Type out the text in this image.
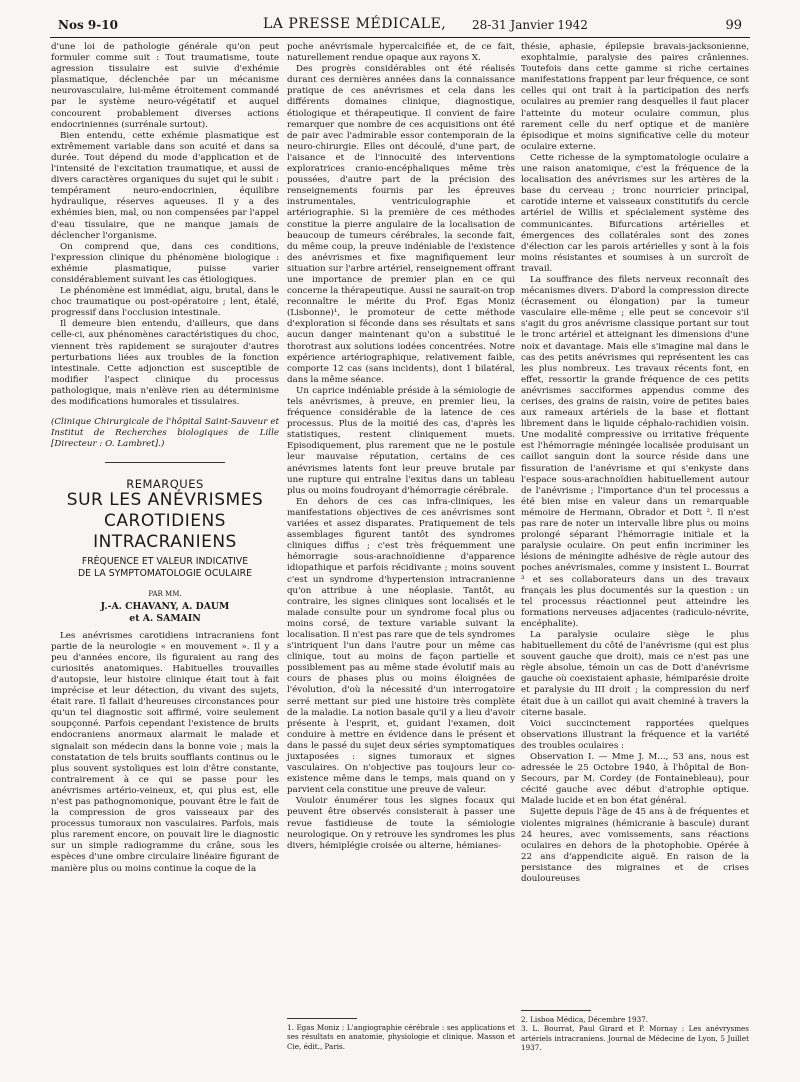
Nos 9-10	LA PRESSE MÉDICALE, 28-31 Janvier 1942	99

d'une loi de pathologie générale qu'on peut formuler comme suit : Tout traumatisme, toute agression tissulaire est suivie d'exhémie plasmatique, déclenchée par un mécanisme neurovasculaire, lui-même étroitement commandé par le système neuro-végétatif et auquel concourent probablement diverses actions endocriniennes (surrénale surtout).

Bien entendu, cette exhémie plasmatique est extrêmement variable dans son acuité et dans sa durée. Tout dépend du mode d'application et de l'intensité de l'excitation traumatique, et aussi de divers caractères organiques du sujet qui le subit : tempérament neuro-endocrinien, équilibre hydraulique, réserves aqueuses. Il y a des exhémies bien, mal, ou non compensées par l'appel d'eau tissulaire, que ne manque jamais de déclencher l'organisme.

On comprend que, dans ces conditions, l'expression clinique du phénomène biologique : exhémie plasmatique, puisse varier considérablement suivant les cas étiologiques.

Le phénomène est immédiat, aigu, brutal, dans le choc traumatique ou post-opératoire ; lent, étalé, progressif dans l'occlusion intestinale.

Il demeure bien entendu, d'ailleurs, que dans celle-ci, aux phénomènes caractéristiques du choc, viennent très rapidement se surajouter d'autres perturbations liées aux troubles de la fonction intestinale. Cette adjonction est susceptible de modifier l'aspect clinique du processus pathologique, mais n'enlève rien au déterminisme des modifications humorales et tissulaires.

(Clinique Chirurgicale de l'hôpital Saint-Sauveur et Institut de Recherches biologiques de Lille [Directeur : O. Lambret].)

REMARQUES
SUR LES ANÉVRISMES
CAROTIDIENS
INTRACRANIENS
FRÉQUENCE ET VALEUR INDICATIVE
DE LA SYMPTOMATOLOGIE OCULAIRE
PAR MM.
J.-A. CHAVANY, A. DAUM
et A. SAMAIN

Les anévrismes carotidiens intracraniens font partie de la neurologie « en mouvement ». Il y a peu d'années encore, ils figuraient au rang des curiosités anatomiques. Habituelles trouvailles d'autopsie, leur histoire clinique était tout à fait imprécise et leur détection, du vivant des sujets, était rare. Il fallait d'heureuses circonstances pour qu'un tel diagnostic soit affirmé, voire seulement soupçonné. Parfois cependant l'existence de bruits endocraniens anormaux alarmait le malade et signalait son médecin dans la bonne voie ; mais la constatation de tels bruits soufflants continus ou le plus souvent systoliques est loin d'être constante, contrairement à ce qui se passe pour les anévrismes artério-veineux, et, qui plus est, elle n'est pas pathognomonique, pouvant être le fait de la compression de gros vaisseaux par des processus tumoraux non vasculaires. Parfois, mais plus rarement encore, on pouvait lire le diagnostic sur un simple radiogramme du crâne, sous les espèces d'une ombre circulaire linéaire figurant de manière plus ou moins continue la coque de la

poche anévrismale hypercalcifiée et, de ce fait, naturellement rendue opaque aux rayons X.

Des progrès considérables ont été réalisés durant ces dernières années dans la connaissance pratique de ces anévrismes et cela dans les différents domaines clinique, diagnostique, étiologique et thérapeutique. Il convient de faire remarquer que nombre de ces acquisitions ont été de pair avec l'admirable essor contemporain de la neuro-chirurgie. Elles ont découlé, d'une part, de l'aisance et de l'innocuité des interventions exploratrices cranio-encéphaliques même très poussées, d'autre part de la précision des renseignements fournis par les épreuves instrumentales, ventriculographie et artériographie. Si la première de ces méthodes constitue la pierre angulaire de la localisation de beaucoup de tumeurs cérébrales, la seconde fait, du même coup, la preuve indéniable de l'existence des anévrismes et fixe magnifiquement leur situation sur l'arbre artériel, renseignement offrant une importance de premier plan en ce qui concerne la thérapeutique. Aussi ne saurait-on trop reconnaître le mérite du Prof. Egas Moniz (Lisbonne)¹, le promoteur de cette méthode d'exploration si féconde dans ses résultats et sans aucun danger maintenant qu'on a substitué le thorotrast aux solutions iodées concentrées. Notre expérience artériographique, relativement faible, comporte 12 cas (sans incidents), dont 1 bilatéral, dans la même séance.

Un caprice indéniable préside à la sémiologie de tels anévrismes, à preuve, en premier lieu, la fréquence considérable de la latence de ces processus. Plus de la moitié des cas, d'après les statistiques, restent cliniquement muets. Episodiquement, plus rarement que ne le postule leur mauvaise réputation, certains de ces anévrismes latents font leur preuve brutale par une rupture qui entraîne l'exitus dans un tableau plus ou moins foudroyant d'hémorragie cérébrale.

En dehors de ces cas infra-cliniques, les manifestations objectives de ces anévrismes sont variées et assez disparates. Pratiquement de tels assemblages figurent tantôt des syndromes cliniques diffus ; c'est très fréquemment une hémorragie sous-arachnoïdienne d'apparence idiopathique et parfois récidivante ; moins souvent c'est un syndrome d'hypertension intracranienne qu'on attribue à une néoplasie. Tantôt, au contraire, les signes cliniques sont localisés et le malade consulte pour un syndrome focal plus ou moins corsé, de texture variable suivant la localisation. Il n'est pas rare que de tels syndromes s'intriquent l'un dans l'autre pour un même cas clinique, tout au moins de façon partielle et possiblement pas au même stade évolutif mais au cours de phases plus ou moins éloignées de l'évolution, d'où la nécessité d'un interrogatoire serré mettant sur pied une histoire très complète de la maladie. La notion basale qu'il y a lieu d'avoir présente à l'esprit, et, guidant l'examen, doit conduire à mettre en évidence dans le présent et dans le passé du sujet deux séries symptomatiques juxtaposées : signes tumoraux et signes vasculaires. On n'objective pas toujours leur co-existence même dans le temps, mais quand on y parvient cela constitue une preuve de valeur.

Vouloir énumérer tous les signes focaux qui peuvent être observés consisterait à passer une revue fastidieuse de toute la sémiologie neurologique. On y retrouve les syndromes les plus divers, hémiplégie croisée ou alterne, hémianes-

1. Egas Moniz : L'angiographie cérébrale : ses applications et ses résultats en anatomie, physiologie et clinique. Masson et Cie, édit., Paris.

thésie, aphasie, épilepsie bravais-jacksonienne, exophtalmie, paralysie des paires crâniennes. Toutefois dans cette gamme si riche certaines manifestations frappent par leur fréquence, ce sont celles qui ont trait à la participation des nerfs oculaires au premier rang desquelles il faut placer l'atteinte du moteur oculaire commun, plus rarement celle du nerf optique et de manière épisodique et moins significative celle du moteur oculaire externe.

Cette richesse de la symptomatologie oculaire a une raison anatomique, c'est la fréquence de la localisation des anévrismes sur les artères de la base du cerveau ; tronc nourricier principal, carotide interne et vaisseaux constitutifs du cercle artériel de Willis et spécialement système des communicantes. Bifurcations artérielles et émergences des collatérales sont des zones d'élection car les parois artérielles y sont à la fois moins résistantes et soumises à un surcroît de travail.

La souffrance des filets nerveux reconnaît des mécanismes divers. D'abord la compression directe (écrasement ou élongation) par la tumeur vasculaire elle-même ; elle peut se concevoir s'il s'agit du gros anévrisme classique portant sur tout le tronc artériel et atteignant les dimensions d'une noix et davantage. Mais elle s'imagine mal dans le cas des petits anévrismes qui représentent les cas les plus nombreux. Les travaux récents font, en effet, ressortir la grande fréquence de ces petits anévrismes sacciformes appendus comme des cerises, des grains de raisin, voire de petites baies aux rameaux artériels de la base et flottant librement dans le liquide céphalo-rachidien voisin. Une modalité compressive ou irritative fréquente est l'hémorragie méningée localisée produisant un caillot sanguin dont la source réside dans une fissuration de l'anévrisme et qui s'enkyste dans l'espace sous-arachnoïdien habituellement autour de l'anévrisme ; l'importance d'un tel processus a été bien mise en valeur dans un remarquable mémoire de Hermann, Obrador et Dott ². Il n'est pas rare de noter un intervalle libre plus ou moins prolongé séparant l'hémorragie initiale et la paralysie oculaire. On peut enfin incriminer les lésions de méningite adhésive de règle autour des poches anévrismales, comme y insistent L. Bourrat ³ et ses collaborateurs dans un des travaux français les plus documentés sur la question : un tel processus réactionnel peut atteindre les formations nerveuses adjacentes (radiculo-névrite, encéphalite).

La paralysie oculaire siège le plus habituellement du côté de l'anévrisme (qui est plus souvent gauche que droit), mais ce n'est pas une règle absolue, témoin un cas de Dott d'anévrisme gauche où coexistaient aphasie, hémiparésie droite et paralysie du III droit ; la compression du nerf était due à un caillot qui avait cheminé à travers la citerne basale.

Voici succinctement rapportées quelques observations illustrant la fréquence et la variété des troubles oculaires :

Observation I. — Mme J. M..., 53 ans, nous est adressée le 25 Octobre 1940, à l'hôpital de Bon-Secours, par M. Cordey (de Fontainebleau), pour cécité gauche avec début d'atrophie optique. Malade lucide et en bon état général.

Sujette depuis l'âge de 45 ans à de fréquentes et violentes migraines (hémicranie à bascule) durant 24 heures, avec vomissements, sans réactions oculaires en dehors de la photophobie. Opérée à 22 ans d'appendicite aiguë. En raison de la persistance des migraines et de crises douloureuses

2. Lisboa Médica, Décembre 1937.

3. L. Bourrat, Paul Girard et P. Mornay : Les anévrysmes artériels intracraniens. Journal de Médecine de Lyon, 5 Juillet 1937.
